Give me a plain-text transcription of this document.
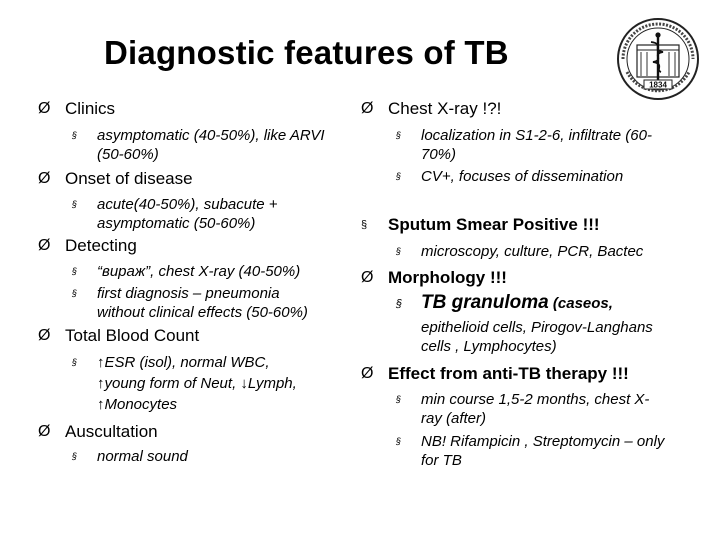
Diagnostic features of TB
1834
Ø Clinics
§ asymptomatic (40-50%), like ARVI
(50-60%)
Ø Onset of disease
§ acute(40-50%), subacute +
asymptomatic (50-60%)
Ø Detecting
§ “вираж”, chest X-ray (40-50%)
§ first diagnosis – pneumonia
without clinical effects (50-60%)
Ø Total Blood Count
§ ↑ESR (isol), normal WBC,
↑young form of Neut, ↓Lymph,
↑Monocytes
Ø Auscultation
§ normal sound
Ø Chest X-ray !?!
§ localization in S1-2-6, infiltrate (60-
70%)
§ CV+, focuses of dissemination
§ Sputum Smear Positive !!!
§ microscopy, culture, PCR, Bactec
Ø Morphology !!!
§ TB granuloma (caseos,
epithelioid cells, Pirogov-Langhans
cells , Lymphocytes)
Ø Effect from anti-TB therapy !!!
§ min course 1,5-2 months, chest X-
ray (after)
§ NB! Rifampicin , Streptomycin – only
for TB
